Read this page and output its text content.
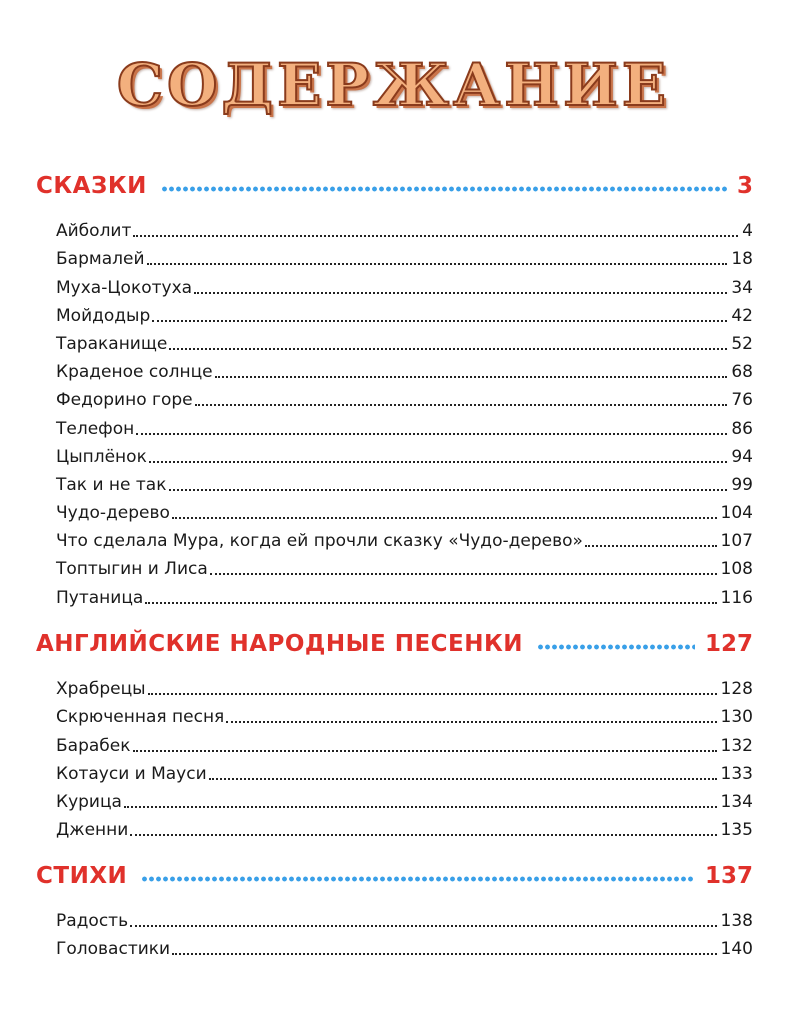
СОДЕРЖАНИЕ
СКАЗКИ	3
Айболит	4
Бармалей	18
Муха-Цокотуха	34
Мойдодыр	42
Тараканище	52
Краденое солнце	68
Федорино горе	76
Телефон	86
Цыплёнок	94
Так и не так	99
Чудо-дерево	104
Что сделала Мура, когда ей прочли сказку «Чудо-дерево»	107
Топтыгин и Лиса	108
Путаница	116
АНГЛИЙСКИЕ НАРОДНЫЕ ПЕСЕНКИ	127
Храбрецы	128
Скрюченная песня	130
Барабек	132
Котауси и Мауси	133
Курица	134
Дженни	135
СТИХИ	137
Радость	138
Головастики	140
